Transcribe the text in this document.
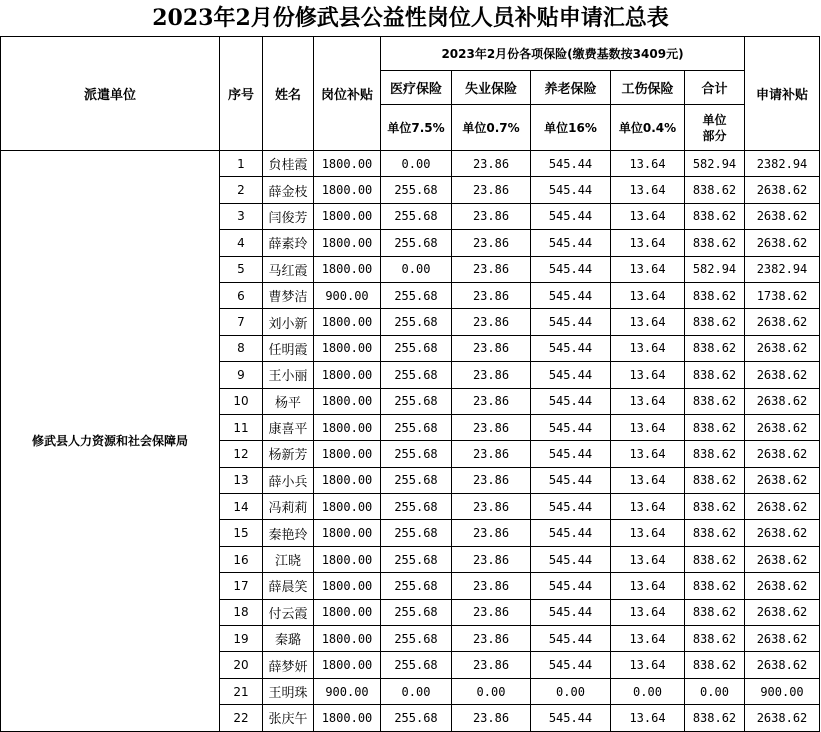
2023年2月份修武县公益性岗位人员补贴申请汇总表
派遣单位	序号	姓名	岗位补贴	2023年2月份各项保险(缴费基数按3409元)					申请补贴
				医疗保险	失业保险	养老保险	工伤保险	合计	
				单位7.5%	单位0.7%	单位16%	单位0.4%	单位部分	

修武县人力资源和社会保障局	1	贠桂霞	1800.00	0.00	23.86	545.44	13.64	582.94	2382.94
	2	薛金枝	1800.00	255.68	23.86	545.44	13.64	838.62	2638.62
	3	闫俊芳	1800.00	255.68	23.86	545.44	13.64	838.62	2638.62
	4	薛素玲	1800.00	255.68	23.86	545.44	13.64	838.62	2638.62
	5	马红霞	1800.00	0.00	23.86	545.44	13.64	582.94	2382.94
	6	曹梦洁	900.00	255.68	23.86	545.44	13.64	838.62	1738.62
	7	刘小新	1800.00	255.68	23.86	545.44	13.64	838.62	2638.62
	8	任明霞	1800.00	255.68	23.86	545.44	13.64	838.62	2638.62
	9	王小丽	1800.00	255.68	23.86	545.44	13.64	838.62	2638.62
	10	杨平	1800.00	255.68	23.86	545.44	13.64	838.62	2638.62
	11	康喜平	1800.00	255.68	23.86	545.44	13.64	838.62	2638.62
	12	杨新芳	1800.00	255.68	23.86	545.44	13.64	838.62	2638.62
	13	薛小兵	1800.00	255.68	23.86	545.44	13.64	838.62	2638.62
	14	冯莉莉	1800.00	255.68	23.86	545.44	13.64	838.62	2638.62
	15	秦艳玲	1800.00	255.68	23.86	545.44	13.64	838.62	2638.62
	16	江晓	1800.00	255.68	23.86	545.44	13.64	838.62	2638.62
	17	薛晨笑	1800.00	255.68	23.86	545.44	13.64	838.62	2638.62
	18	付云霞	1800.00	255.68	23.86	545.44	13.64	838.62	2638.62
	19	秦璐	1800.00	255.68	23.86	545.44	13.64	838.62	2638.62
	20	薛梦妍	1800.00	255.68	23.86	545.44	13.64	838.62	2638.62
	21	王明珠	900.00	0.00	0.00	0.00	0.00	0.00	900.00
	22	张庆午	1800.00	255.68	23.86	545.44	13.64	838.62	2638.62
